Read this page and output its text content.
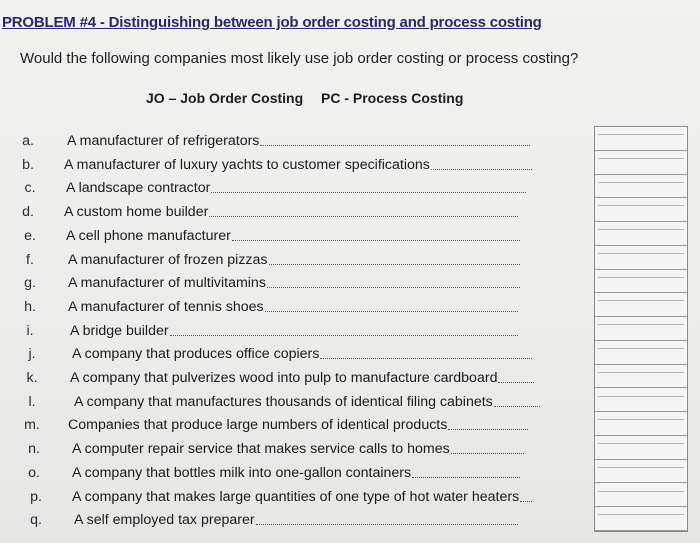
PROBLEM #4 - Distinguishing between job order costing and process costing
Would the following companies most likely use job order costing or process costing?
JO – Job Order Costing PC - Process Costing
a. A manufacturer of refrigerators
b. A manufacturer of luxury yachts to customer specifications
c.	A landscape contractor
d. A custom home builder
e. A cell phone manufacturer
f.	A manufacturer of frozen pizzas
g. A manufacturer of multivitamins
h. A manufacturer of tennis shoes
i.	A bridge builder
j.	A company that produces office copiers
k.	A company that pulverizes wood into pulp to manufacture cardboard
l.	A company that manufactures thousands of identical filing cabinets
m. Companies that produce large numbers of identical products
n. A computer repair service that makes service calls to homes
o. A company that bottles milk into one-gallon containers
p. A company that makes large quantities of one type of hot water heaters
q. A self employed tax preparer
